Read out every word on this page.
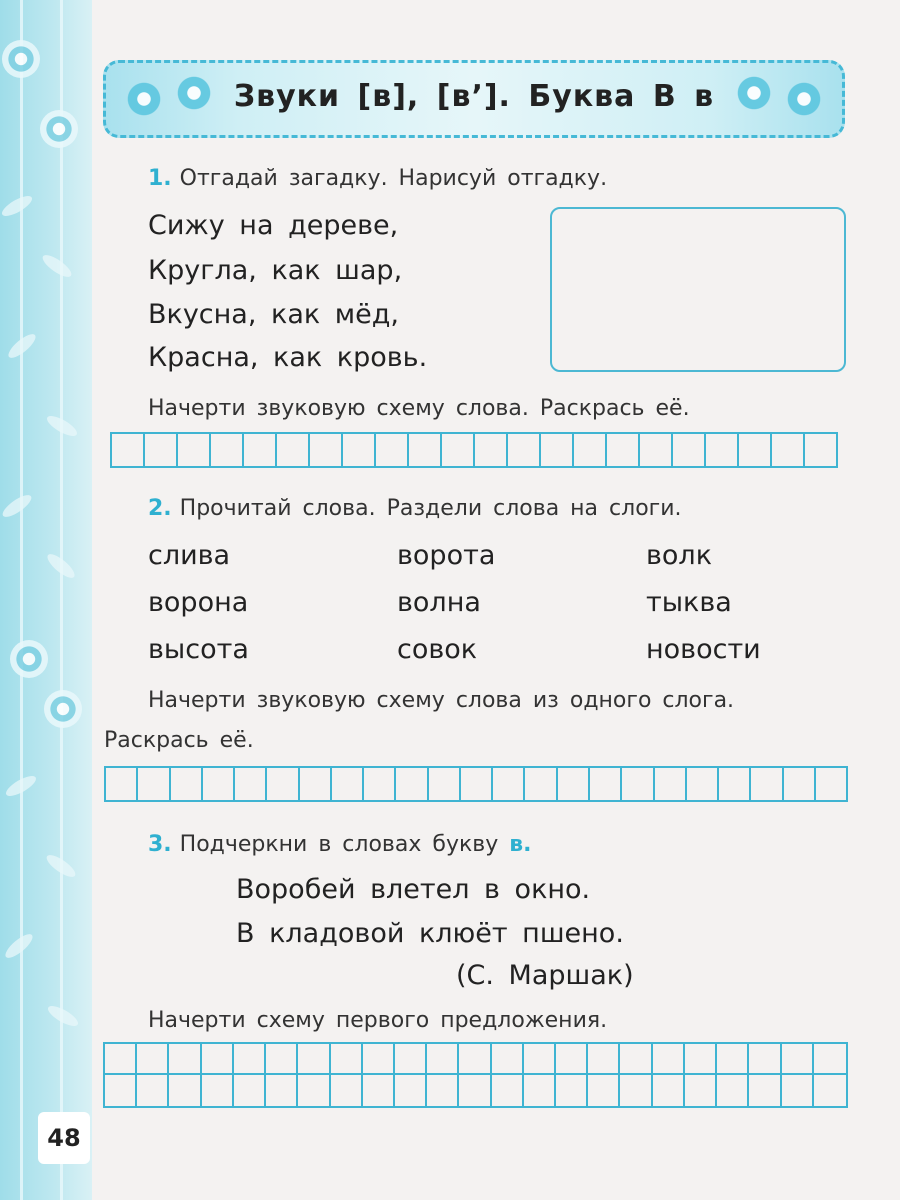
48
Звуки [в], [в’]. Буква В в
1. Отгадай загадку. Нарисуй отгадку.
Сижу на дереве,
Кругла, как шар,
Вкусна, как мёд,
Красна, как кровь.
Начерти звуковую схему слова. Раскрась её.
2. Прочитай слова. Раздели слова на слоги.
слива	ворота	волк
ворона	волна	тыква
высота	совок	новости
Начерти звуковую схему слова из одного слога.
Раскрась её.
3. Подчеркни в словах букву в.
Воробей влетел в окно.
В кладовой клюёт пшено.
(С. Маршак)
Начерти схему первого предложения.
